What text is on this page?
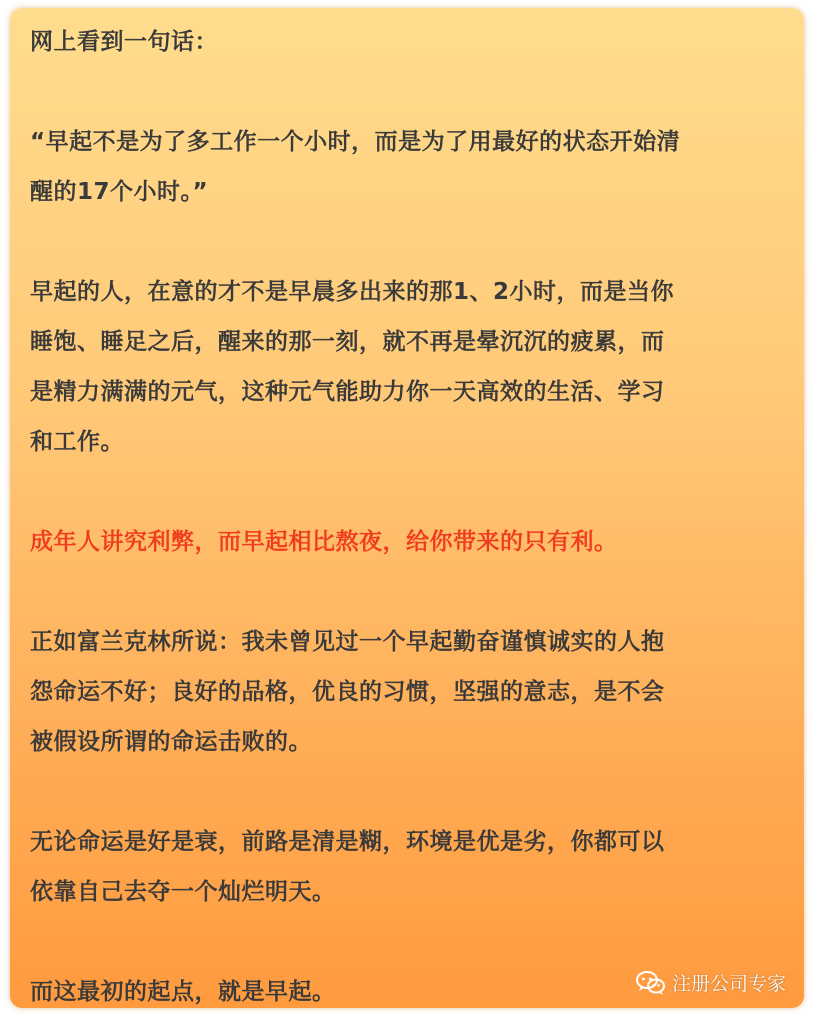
网上看到一句话：
“早起不是为了多工作一个小时，而是为了用最好的状态开始清
醒的17个小时。”
早起的人，在意的才不是早晨多出来的那1、2小时，而是当你
睡饱、睡足之后，醒来的那一刻，就不再是晕沉沉的疲累，而
是精力满满的元气，这种元气能助力你一天高效的生活、学习
和工作。
成年人讲究利弊，而早起相比熬夜，给你带来的只有利。
正如富兰克林所说：我未曾见过一个早起勤奋谨慎诚实的人抱
怨命运不好；良好的品格，优良的习惯，坚强的意志，是不会
被假设所谓的命运击败的。
无论命运是好是衰，前路是清是糊，环境是优是劣，你都可以
依靠自己去夺一个灿烂明天。
而这最初的起点，就是早起。	注册公司专家
